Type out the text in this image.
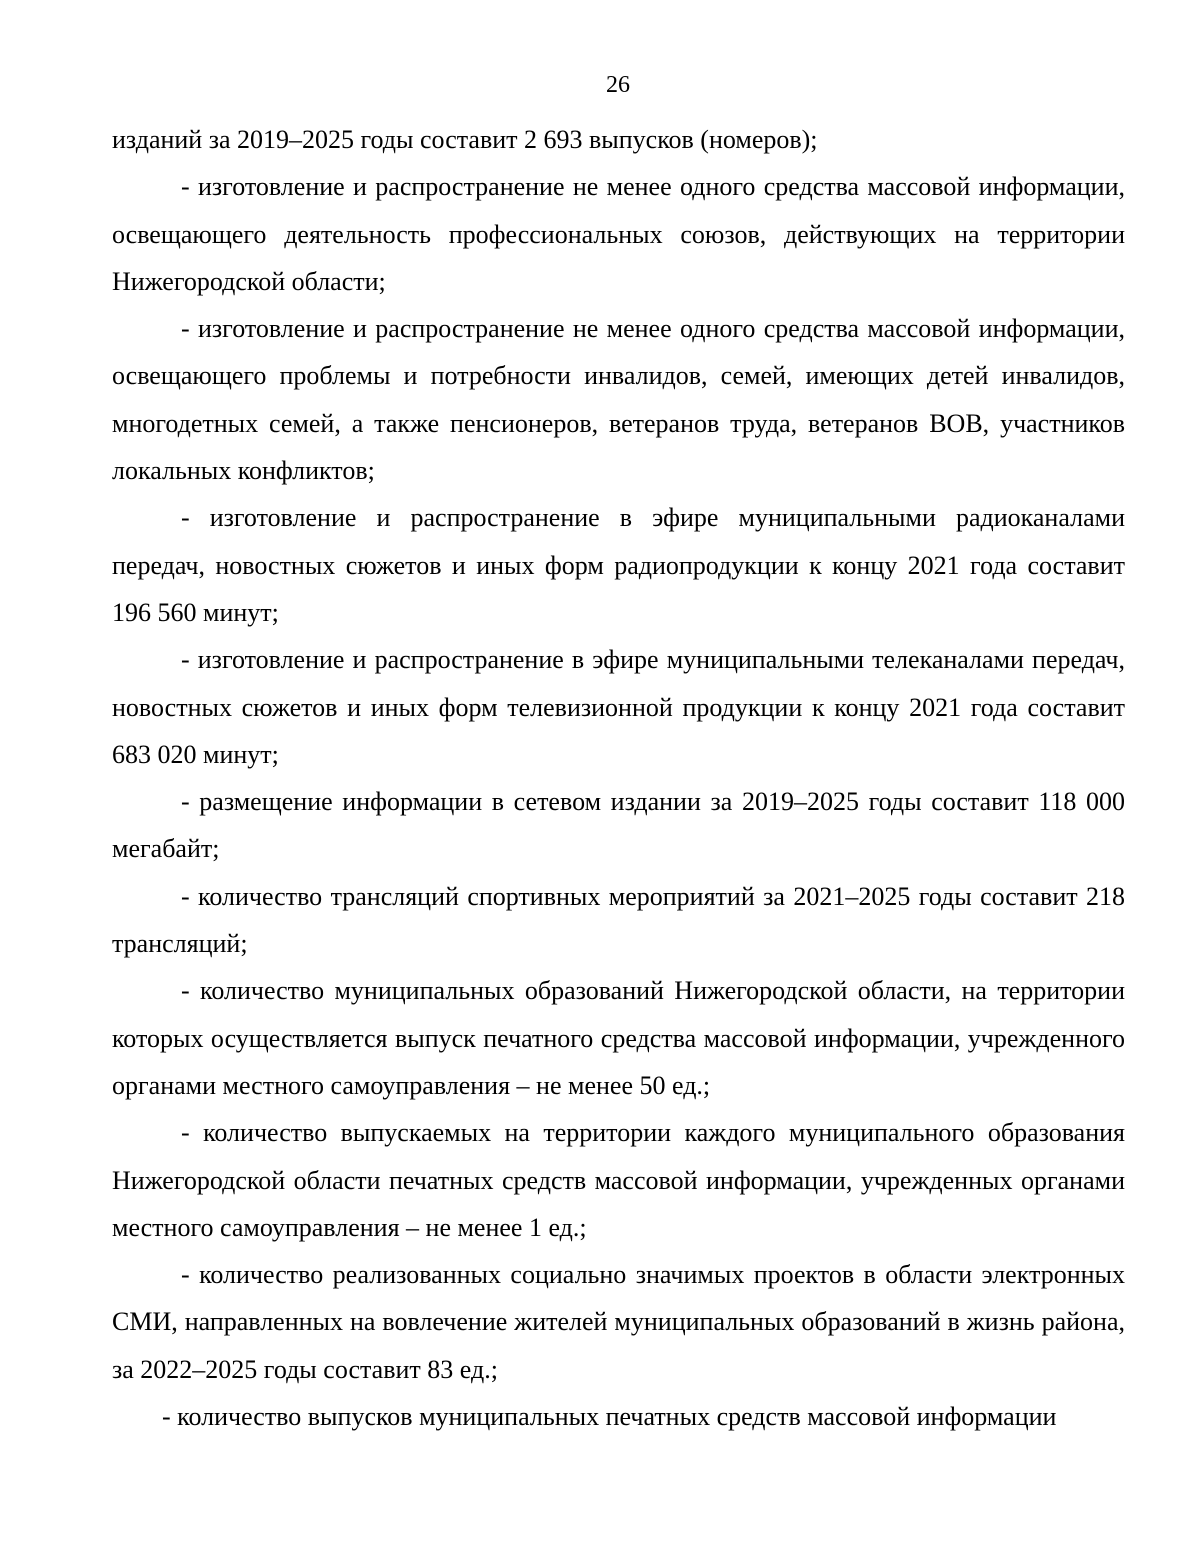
26

изданий за 2019–2025 годы составит 2 693 выпусков (номеров);

- изготовление и распространение не менее одного средства массовой информации, освещающего деятельность профессиональных союзов, действующих на территории Нижегородской области;

- изготовление и распространение не менее одного средства массовой информации, освещающего проблемы и потребности инвалидов, семей, имеющих детей инвалидов, многодетных семей, а также пенсионеров, ветеранов труда, ветеранов ВОВ, участников локальных конфликтов;

- изготовление и распространение в эфире муниципальными радиоканалами передач, новостных сюжетов и иных форм радиопродукции к концу 2021 года составит 196 560 минут;

- изготовление и распространение в эфире муниципальными телеканалами передач, новостных сюжетов и иных форм телевизионной продукции к концу 2021 года составит 683 020 минут;

- размещение информации в сетевом издании за 2019–2025 годы составит 118 000 мегабайт;

- количество трансляций спортивных мероприятий за 2021–2025 годы составит 218 трансляций;

- количество муниципальных образований Нижегородской области, на территории которых осуществляется выпуск печатного средства массовой информации, учрежденного органами местного самоуправления – не менее 50 ед.;

- количество выпускаемых на территории каждого муниципального образования Нижегородской области печатных средств массовой информации, учрежденных органами местного самоуправления – не менее 1 ед.;

- количество реализованных социально значимых проектов в области электронных СМИ, направленных на вовлечение жителей муниципальных образований в жизнь района, за 2022–2025 годы составит 83 ед.;

- количество выпусков муниципальных печатных средств массовой информации
